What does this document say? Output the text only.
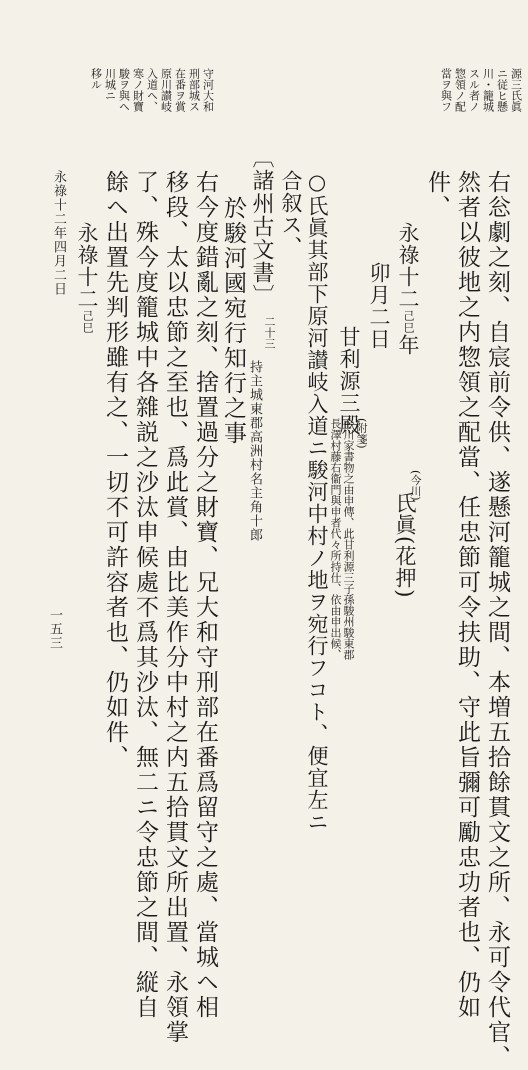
源三氏眞
ニ従ヒ懸
川・籠城
スル者ノ
惣領ノ配
當ヲ與フ
守河大和
刑部城ス
在番ヲ賞
原川讃岐
入道ヘ、
寒ノ財寶
駿ヲ與ヘ
川城ニ
移ル
右忩劇之刻、自宸前令供、遂懸河籠城之間、本増五拾餘貫文之所、永可令代官、
然者以彼地之内惣領之配當、任忠節可令扶助、守此旨彌可勵忠功者也、仍如
件、
永祿十二己巳年
(今川)
氏眞(花押)
卯月二日
甘利源三殿
(附箋)
今川家書物之由申傳、此甘利源三子孫駿州駿東郡
長澤村藤右衞門與申者代々所持仕、依由申出候、
○氏眞其部下原河讃岐入道ニ駿河中村ノ地ヲ宛行フコト、便宜左ニ
合叙ス、
〔諸州古文書〕
二十三
持主城東郡高洲村名主角十郎
於駿河國宛行知行之事
右今度錯亂之刻、捨置過分之財寶、兄大和守刑部在番爲留守之處、當城ヘ相
移段、太以忠節之至也、爲此賞、由比美作分中村之内五拾貫文所出置、永領掌
了、殊今度籠城中各雜説之沙汰申候處不爲其沙汰、無二ニ令忠節之間、縦自
餘ヘ出置先判形雖有之、一切不可許容者也、仍如件、
永祿十二己巳
永祿十二年四月二日
一五三
